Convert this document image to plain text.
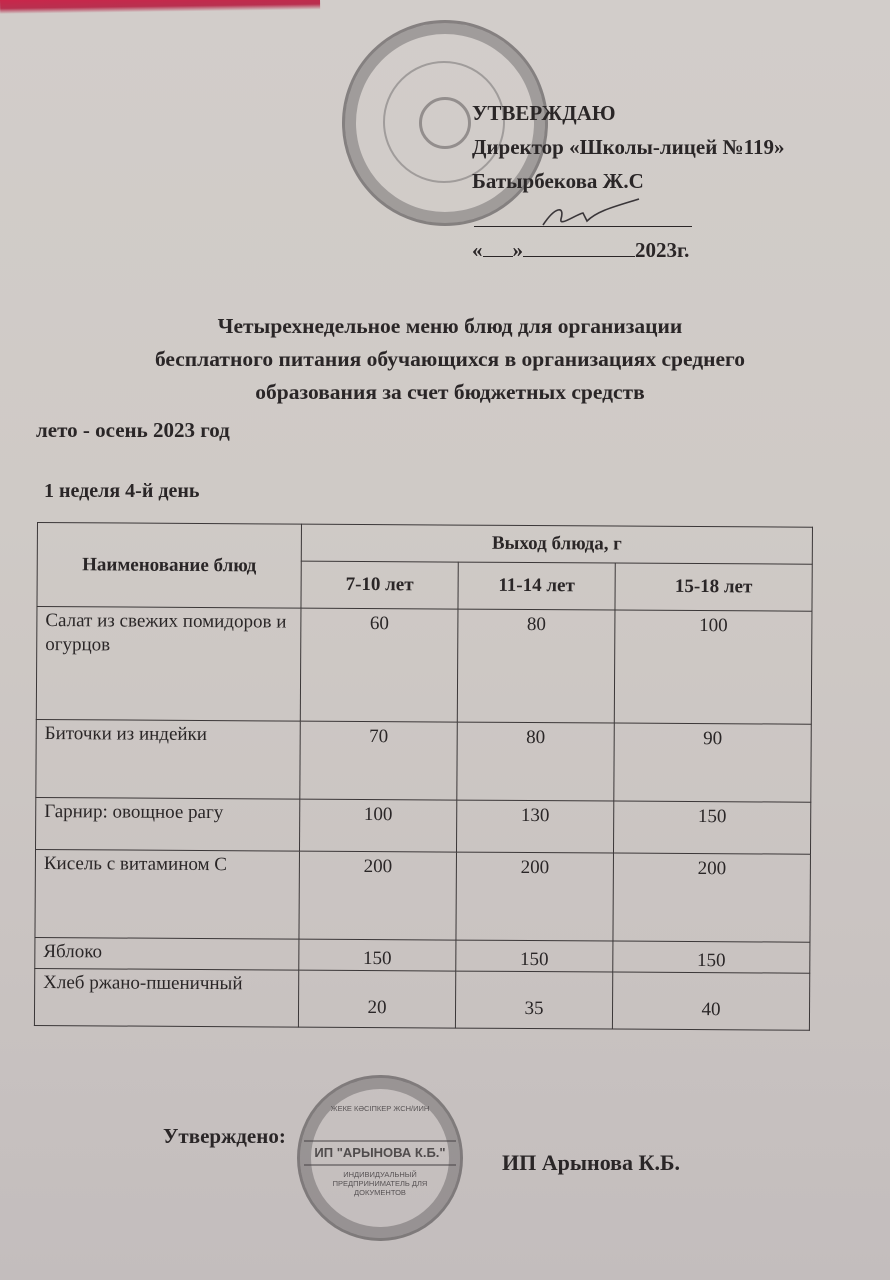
УТВЕРЖДАЮ
Директор «Школы-лицей №119»
Батырбекова Ж.С
« »	2023г.
Четырехнедельное меню блюд для организации
бесплатного питания обучающихся в организациях среднего
образования за счет бюджетных средств
лето - осень 2023 год
1 неделя 4-й день
Наименование блюд	Выход блюда, г		
	7-10 лет	11-14 лет	15-18 лет
Салат из свежих помидоров и огурцов	60	80	100
Биточки из индейки	70	80	90
Гарнир: овощное рагу	100	130	150
Кисель с витамином С	200	200	200
Яблоко	150	150	150
Хлеб ржано-пшеничный	20	35	40
Утверждено:
ЖЕКЕ КӘСІПКЕР ЖСН/ИИН
ИП "АРЫНОВА К.Б."
ИНДИВИДУАЛЬНЫЙ ПРЕДПРИНИМАТЕЛЬ ДЛЯ ДОКУМЕНТОВ
ИП Арынова К.Б.
